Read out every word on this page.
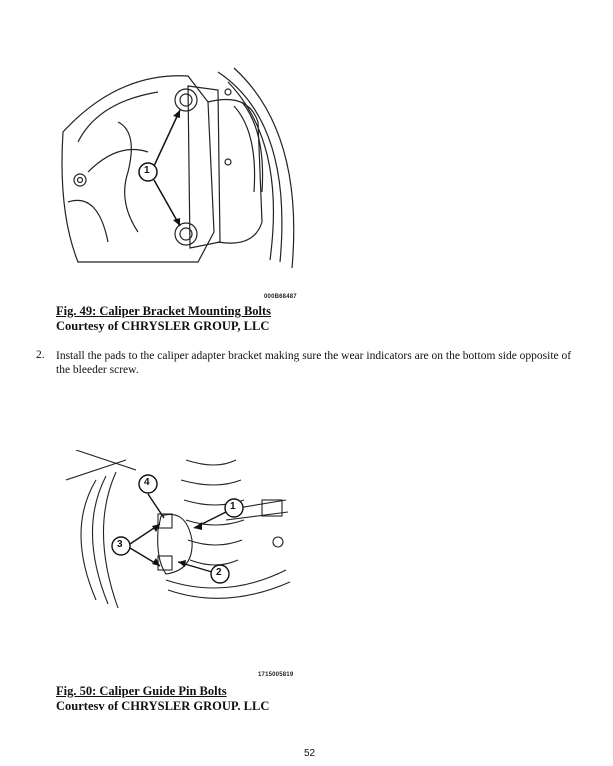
1
000B68487
Fig. 49: Caliper Bracket Mounting Bolts
Courtesy of CHRYSLER GROUP, LLC
2. Install the pads to the caliper adapter bracket making sure the wear indicators are on the bottom side opposite of the bleeder screw.
4
1
3
2
1715005819
Fig. 50: Caliper Guide Pin Bolts
Courtesv of CHRYSLER GROUP. LLC
52
